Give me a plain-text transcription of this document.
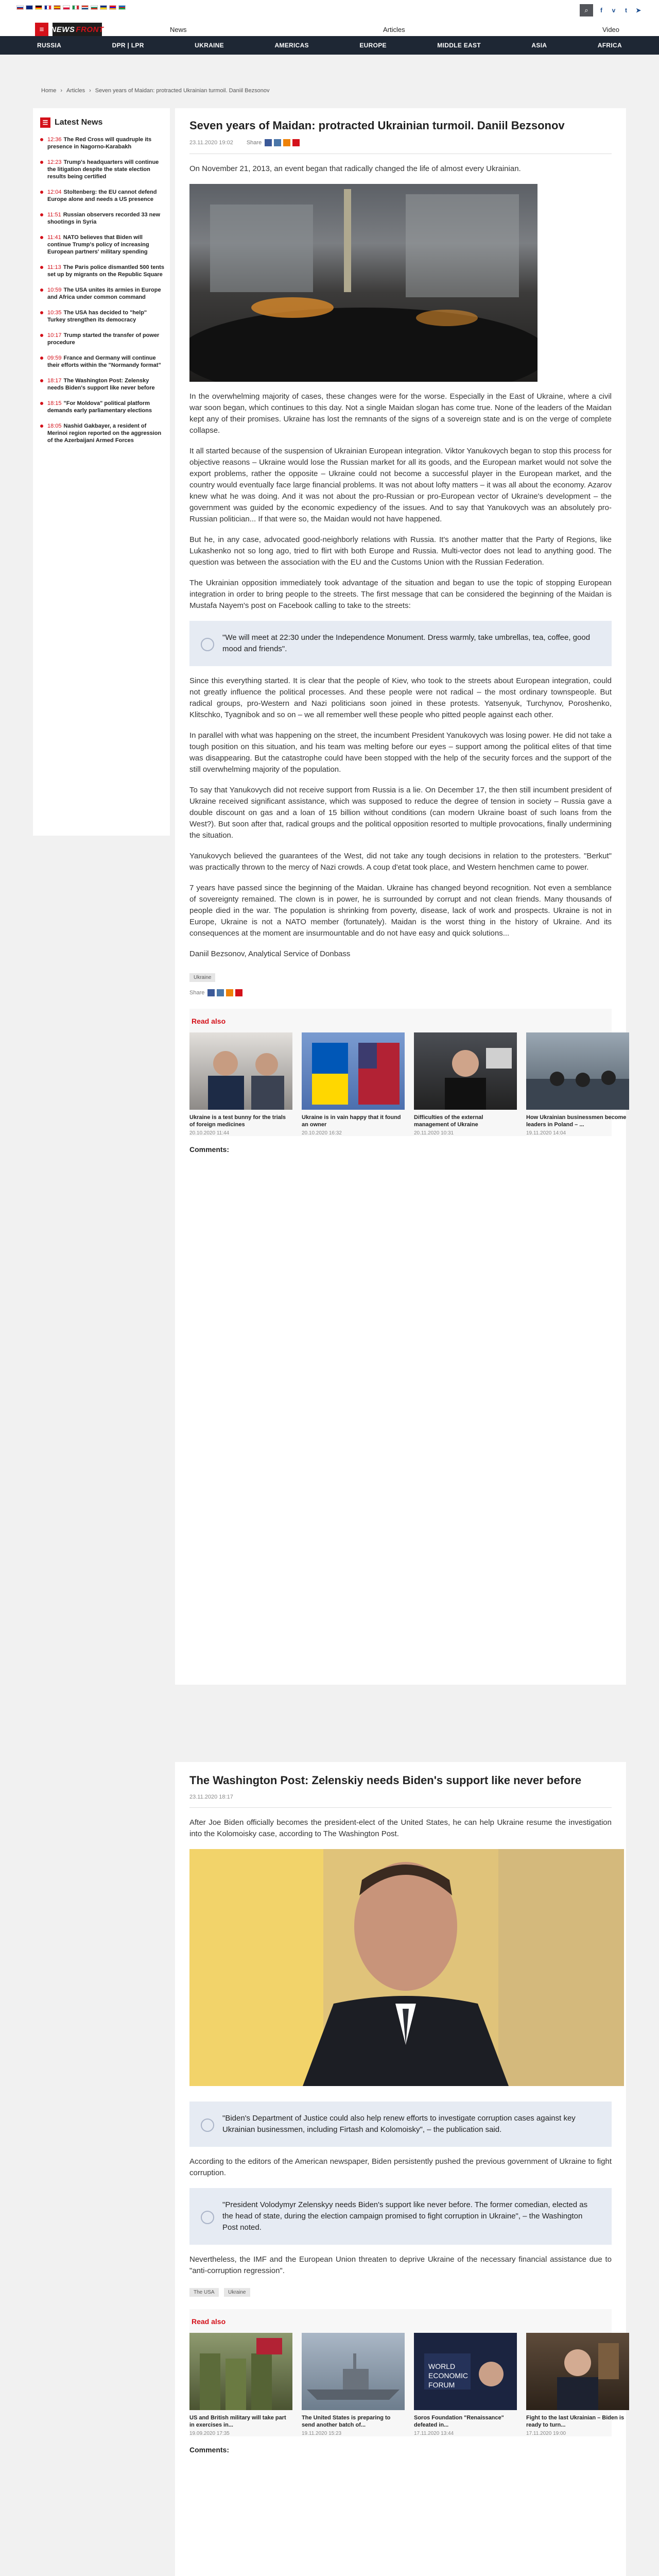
⌕	f	v	t	➤
≡ NEWS FRONT	News	Articles	Video
RUSSIA	DPR | LPR	UKRAINE	AMERICAS	EUROPE	MIDDLE EAST	ASIA	AFRICA
Home › Articles › Seven years of Maidan: protracted Ukrainian turmoil. Daniil Bezsonov
☰ Latest News
12:36 The Red Cross will quadruple its presence in Nagorno-Karabakh
12:23 Trump's headquarters will continue the litigation despite the state election results being certified
12:04 Stoltenberg: the EU cannot defend Europe alone and needs a US presence
11:51 Russian observers recorded 33 new shootings in Syria
11:41 NATO believes that Biden will continue Trump's policy of increasing European partners' military spending
11:13 The Paris police dismantled 500 tents set up by migrants on the Republic Square
10:59 The USA unites its armies in Europe and Africa under common command
10:35 The USA has decided to "help" Turkey strengthen its democracy
10:17 Trump started the transfer of power procedure
09:59 France and Germany will continue their efforts within the "Normandy format"
18:17 The Washington Post: Zelensky needs Biden's support like never before
18:15 "For Moldova" political platform demands early parliamentary elections
18:05 Nashid Gakbayer, a resident of Merinoi region reported on the aggression of the Azerbaijani Armed Forces
Seven years of Maidan: protracted Ukrainian turmoil. Daniil Bezsonov
23.11.2020 19:02 Share

On November 21, 2013, an event began that radically changed the life of almost every Ukrainian.

In the overwhelming majority of cases, these changes were for the worse. Especially in the East of Ukraine, where a civil war soon began, which continues to this day. Not a single Maidan slogan has come true. None of the leaders of the Maidan kept any of their promises. Ukraine has lost the remnants of the signs of a sovereign state and is on the verge of complete collapse.

It all started because of the suspension of Ukrainian European integration. Viktor Yanukovych began to stop this process for objective reasons – Ukraine would lose the Russian market for all its goods, and the European market would not solve the export problems, rather the opposite – Ukraine could not become a successful player in the European market, and the country would eventually face large financial problems. It was not about lofty matters – it was all about the economy. Azarov knew what he was doing. And it was not about the pro-Russian or pro-European vector of Ukraine's development – the government was guided by the economic expediency of the issues. And to say that Yanukovych was an absolutely pro-Russian politician... If that were so, the Maidan would not have happened.

But he, in any case, advocated good-neighborly relations with Russia. It's another matter that the Party of Regions, like Lukashenko not so long ago, tried to flirt with both Europe and Russia. Multi-vector does not lead to anything good. The question was between the association with the EU and the Customs Union with the Russian Federation.

The Ukrainian opposition immediately took advantage of the situation and began to use the topic of stopping European integration in order to bring people to the streets. The first message that can be considered the beginning of the Maidan is Mustafa Nayem's post on Facebook calling to take to the streets:

"We will meet at 22:30 under the Independence Monument. Dress warmly, take umbrellas, tea, coffee, good mood and friends".

Since this everything started. It is clear that the people of Kiev, who took to the streets about European integration, could not greatly influence the political processes. And these people were not radical – the most ordinary townspeople. But radical groups, pro-Western and Nazi politicians soon joined in these protests. Yatsenyuk, Turchynov, Poroshenko, Klitschko, Tyagnibok and so on – we all remember well these people who pitted people against each other.

In parallel with what was happening on the street, the incumbent President Yanukovych was losing power. He did not take a tough position on this situation, and his team was melting before our eyes – support among the political elites of that time was disappearing. But the catastrophe could have been stopped with the help of the security forces and the support of the still overwhelming majority of the population.

To say that Yanukovych did not receive support from Russia is a lie. On December 17, the then still incumbent president of Ukraine received significant assistance, which was supposed to reduce the degree of tension in society – Russia gave a double discount on gas and a loan of 15 billion without conditions (can modern Ukraine boast of such loans from the West?). But soon after that, radical groups and the political opposition resorted to multiple provocations, finally undermining the situation.

Yanukovych believed the guarantees of the West, did not take any tough decisions in relation to the protesters. "Berkut" was practically thrown to the mercy of Nazi crowds. A coup d'etat took place, and Western henchmen came to power.

7 years have passed since the beginning of the Maidan. Ukraine has changed beyond recognition. Not even a semblance of sovereignty remained. The clown is in power, he is surrounded by corrupt and not clean friends. Many thousands of people died in the war. The population is shrinking from poverty, disease, lack of work and prospects. Ukraine is not in Europe, Ukraine is not a NATO member (fortunately). Maidan is the worst thing in the history of Ukraine. And its consequences at the moment are insurmountable and do not have easy and quick solutions...

Daniil Bezsonov, Analytical Service of Donbass

Ukraine
Share
Read also
Ukraine is a test bunny for the trials of foreign medicines
20.10.2020 11:44
Ukraine is in vain happy that it found an owner
20.10.2020 16:32
Difficulties of the external management of Ukraine
20.11.2020 10:31
How Ukrainian businessmen become leaders in Poland – ...
19.11.2020 14:04
Comments:
The Washington Post: Zelenskiy needs Biden's support like never before
23.11.2020 18:17

After Joe Biden officially becomes the president-elect of the United States, he can help Ukraine resume the investigation into the Kolomoisky case, according to The Washington Post.

"Biden's Department of Justice could also help renew efforts to investigate corruption cases against key Ukrainian businessmen, including Firtash and Kolomoisky", – the publication said.

According to the editors of the American newspaper, Biden persistently pushed the previous government of Ukraine to fight corruption.

"President Volodymyr Zelenskyy needs Biden's support like never before. The former comedian, elected as the head of state, during the election campaign promised to fight corruption in Ukraine", – the Washington Post noted.

Nevertheless, the IMF and the European Union threaten to deprive Ukraine of the necessary financial assistance due to "anti-corruption regression".

The USA	Ukraine
Read also
US and British military will take part in exercises in...
19.09.2020 17:35
The United States is preparing to send another batch of...
19.11.2020 15:23
WORLD
ECONOMIC
FORUM
Soros Foundation "Renaissance" defeated in...
17.11.2020 13:44
Fight to the last Ukrainian – Biden is ready to turn...
17.11.2020 19:00
Comments:
